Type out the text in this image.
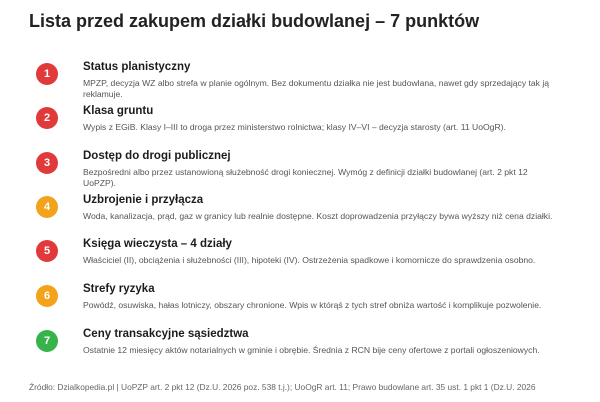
Lista przed zakupem działki budowlanej – 7 punktów
1
Status planistyczny
MPZP, decyzja WZ albo strefa w planie ogólnym. Bez dokumentu działka nie jest budowlana, nawet gdy sprzedający tak ją reklamuje.
2
Klasa gruntu
Wypis z EGiB. Klasy I–III to droga przez ministerstwo rolnictwa; klasy IV–VI – decyzja starosty (art. 11 UoOgR).
3
Dostęp do drogi publicznej
Bezpośredni albo przez ustanowioną służebność drogi koniecznej. Wymóg z definicji działki budowlanej (art. 2 pkt 12 UoPZP).
4
Uzbrojenie i przyłącza
Woda, kanalizacja, prąd, gaz w granicy lub realnie dostępne. Koszt doprowadzenia przyłączy bywa wyższy niż cena działki.
5
Księga wieczysta – 4 działy
Właściciel (II), obciążenia i służebności (III), hipoteki (IV). Ostrzeżenia spadkowe i komornicze do sprawdzenia osobno.
6
Strefy ryzyka
Powódź, osuwiska, hałas lotniczy, obszary chronione. Wpis w którąś z tych stref obniża wartość i komplikuje pozwolenie.
7
Ceny transakcyjne sąsiedztwa
Ostatnie 12 miesięcy aktów notarialnych w gminie i obrębie. Średnia z RCN bije ceny ofertowe z portali ogłoszeniowych.
Źródło: Dzialkopedia.pl | UoPZP art. 2 pkt 12 (Dz.U. 2026 poz. 538 t.j.); UoOgR art. 11; Prawo budowlane art. 35 ust. 1 pkt 1 (Dz.U. 2026
